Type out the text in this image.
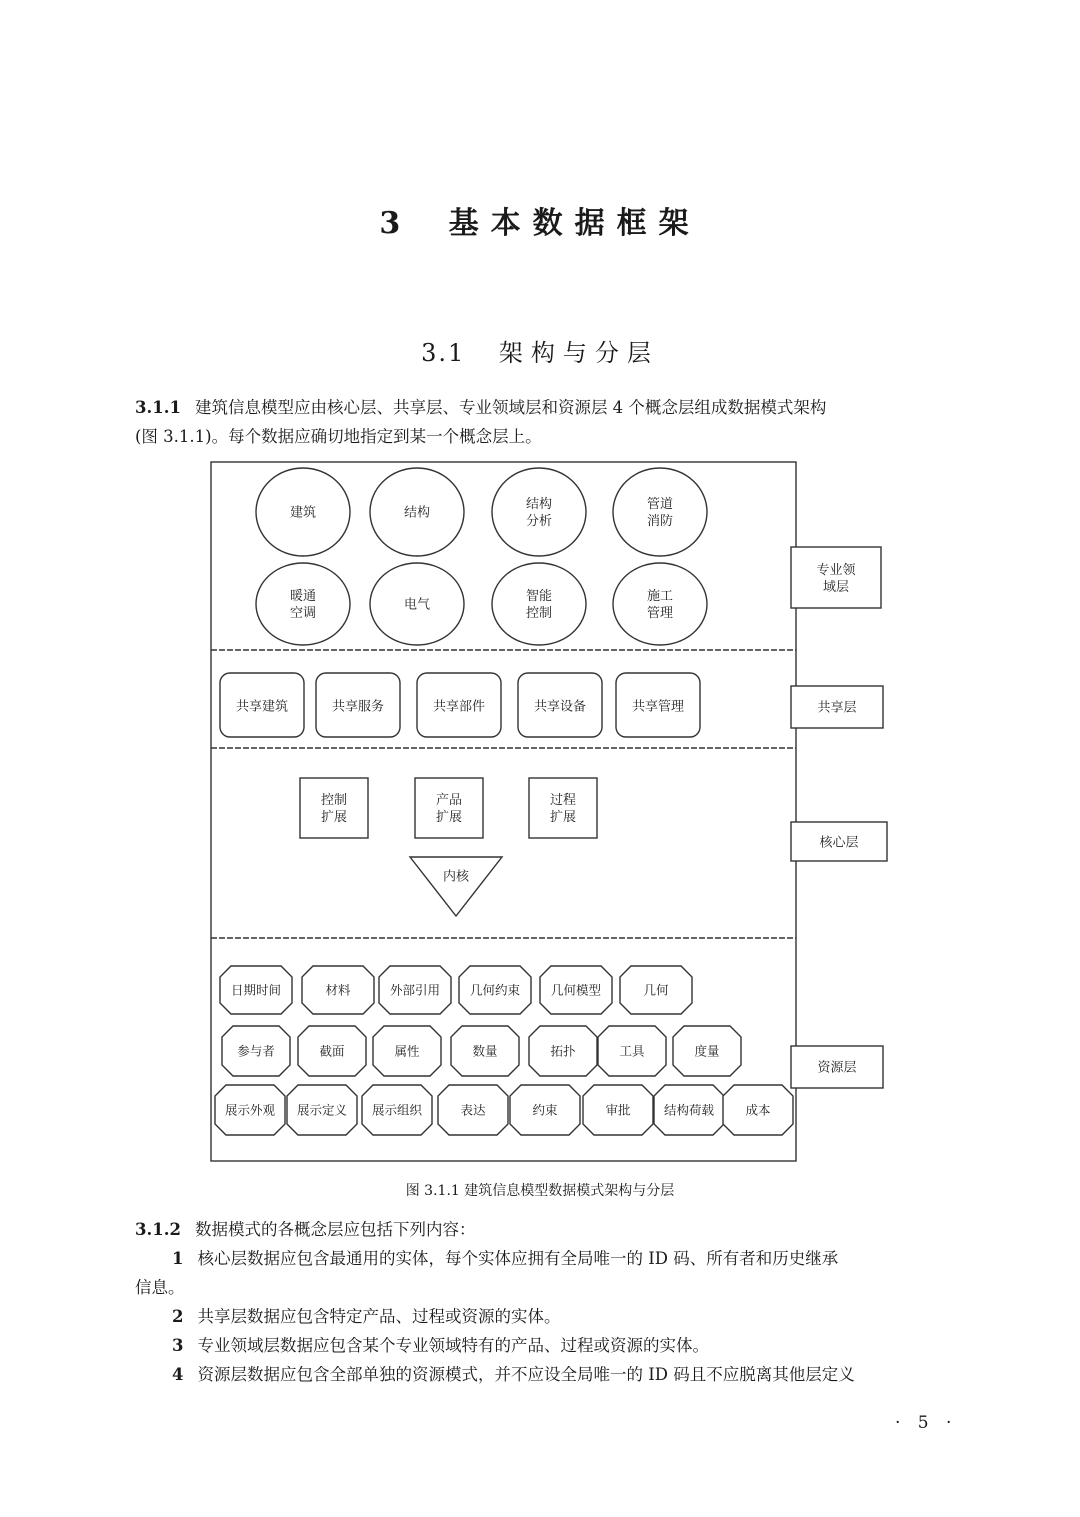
3 基本数据框架
3.1 架构与分层
3.1.1 建筑信息模型应由核心层、共享层、专业领域层和资源层 4 个概念层组成数据模式架构
(图 3.1.1)。每个数据应确切地指定到某一个概念层上。
建筑	结构
结构
分析
管道
消防
暖通
空调
电气
智能
控制
施工
管理
共享建筑	共享服务	共享部件	共享设备	共享管理
控制
扩展
产品
扩展
过程
扩展
内核
日期时间	材料	外部引用 几何约束 几何模型	几何
参与者	截面	属性	数量	拓扑	工具	度量
展示外观 展示定义 展示组织	表达	约束	审批	结构荷载	成本
专业领
域层
共享层
核心层
资源层
图 3.1.1 建筑信息模型数据模式架构与分层
3.1.2 数据模式的各概念层应包括下列内容：
1 核心层数据应包含最通用的实体，每个实体应拥有全局唯一的 ID 码、所有者和历史继承
信息。
2 共享层数据应包含特定产品、过程或资源的实体。
3 专业领域层数据应包含某个专业领域特有的产品、过程或资源的实体。
4 资源层数据应包含全部单独的资源模式，并不应设全局唯一的 ID 码且不应脱离其他层定义
· 5 ·
